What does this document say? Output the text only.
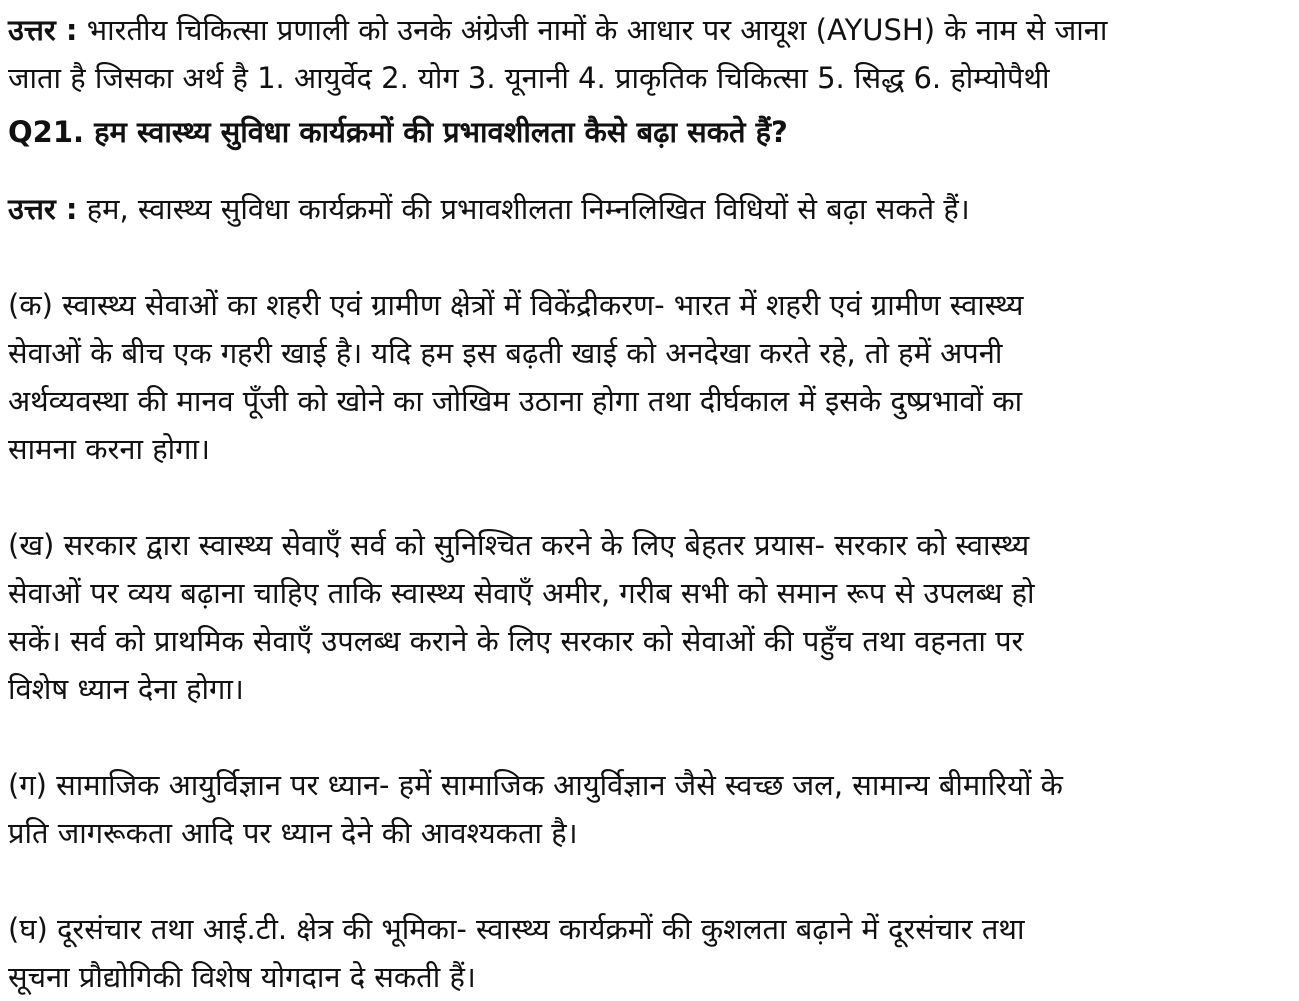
उत्तर : भारतीय चिकित्सा प्रणाली को उनके अंग्रेजी नामों के आधार पर आयूश (AYUSH) के नाम से जाना

जाता है जिसका अर्थ है 1. आयुर्वेद 2. योग 3. यूनानी 4. प्राकृतिक चिकित्सा 5. सिद्ध 6. होम्योपैथी

Q21. हम स्वास्थ्य सुविधा कार्यक्रमों की प्रभावशीलता कैसे बढ़ा सकते हैं?

उत्तर : हम, स्वास्थ्य सुविधा कार्यक्रमों की प्रभावशीलता निम्नलिखित विधियों से बढ़ा सकते हैं।

(क) स्वास्थ्य सेवाओं का शहरी एवं ग्रामीण क्षेत्रों में विकेंद्रीकरण- भारत में शहरी एवं ग्रामीण स्वास्थ्य

सेवाओं के बीच एक गहरी खाई है। यदि हम इस बढ़ती खाई को अनदेखा करते रहे, तो हमें अपनी

अर्थव्यवस्था की मानव पूँजी को खोने का जोखिम उठाना होगा तथा दीर्घकाल में इसके दुष्प्रभावों का

सामना करना होगा।

(ख) सरकार द्वारा स्वास्थ्य सेवाएँ सर्व को सुनिश्चित करने के लिए बेहतर प्रयास- सरकार को स्वास्थ्य

सेवाओं पर व्यय बढ़ाना चाहिए ताकि स्वास्थ्य सेवाएँ अमीर, गरीब सभी को समान रूप से उपलब्ध हो

सकें। सर्व को प्राथमिक सेवाएँ उपलब्ध कराने के लिए सरकार को सेवाओं की पहुँच तथा वहनता पर

विशेष ध्यान देना होगा।

(ग) सामाजिक आयुर्विज्ञान पर ध्यान- हमें सामाजिक आयुर्विज्ञान जैसे स्वच्छ जल, सामान्य बीमारियों के

प्रति जागरूकता आदि पर ध्यान देने की आवश्यकता है।

(घ) दूरसंचार तथा आई.टी. क्षेत्र की भूमिका- स्वास्थ्य कार्यक्रमों की कुशलता बढ़ाने में दूरसंचार तथा

सूचना प्रौद्योगिकी विशेष योगदान दे सकती हैं।
